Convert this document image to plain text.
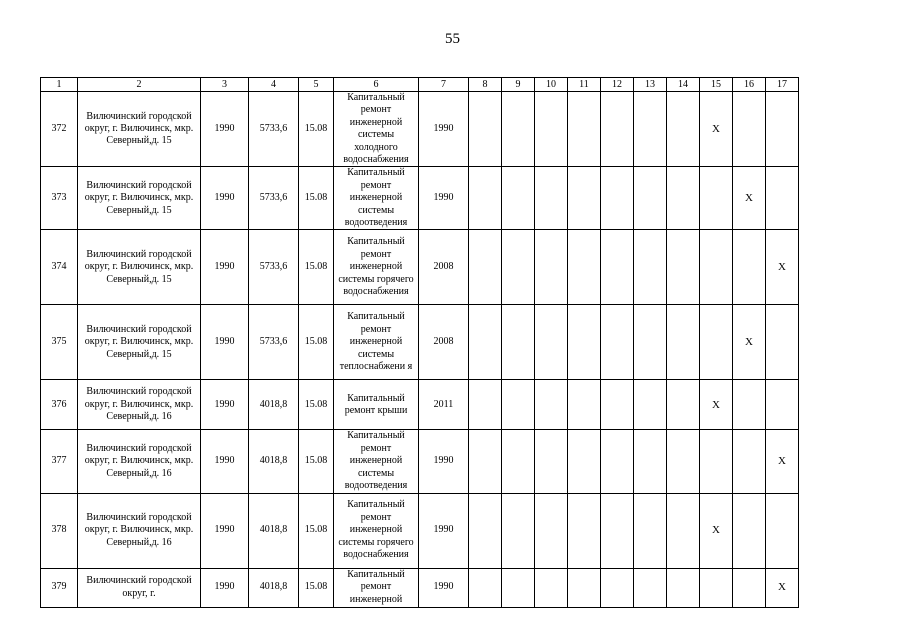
55
1	2	3	4	5	6	7	8	9	10	11	12	13	14	15	16	17
372	Вилючинский городской округ, г. Вилючинск, мкр. Северный,д. 15	1990	5733,6	15.08	Капитальный ремонт инженерной системы холодного водоснабжения	1990								Х		
373	Вилючинский городской округ, г. Вилючинск, мкр. Северный,д. 15	1990	5733,6	15.08	Капитальный ремонт инженерной системы водоотведения	1990									Х	
374	Вилючинский городской округ, г. Вилючинск, мкр. Северный,д. 15	1990	5733,6	15.08	Капитальный ремонт инженерной системы горячего водоснабжения	2008										Х
375	Вилючинский городской округ, г. Вилючинск, мкр. Северный,д. 15	1990	5733,6	15.08	Капитальный ремонт инженерной системы теплоснабжени я	2008									Х	
376	Вилючинский городской округ, г. Вилючинск, мкр. Северный,д. 16	1990	4018,8	15.08	Капитальный ремонт крыши	2011								Х		
377	Вилючинский городской округ, г. Вилючинск, мкр. Северный,д. 16	1990	4018,8	15.08	Капитальный ремонт инженерной системы водоотведения	1990										Х
378	Вилючинский городской округ, г. Вилючинск, мкр. Северный,д. 16	1990	4018,8	15.08	Капитальный ремонт инженерной системы горячего водоснабжения	1990								Х		
379	Вилючинский городской округ, г.	1990	4018,8	15.08	Капитальный ремонт инженерной	1990										Х
